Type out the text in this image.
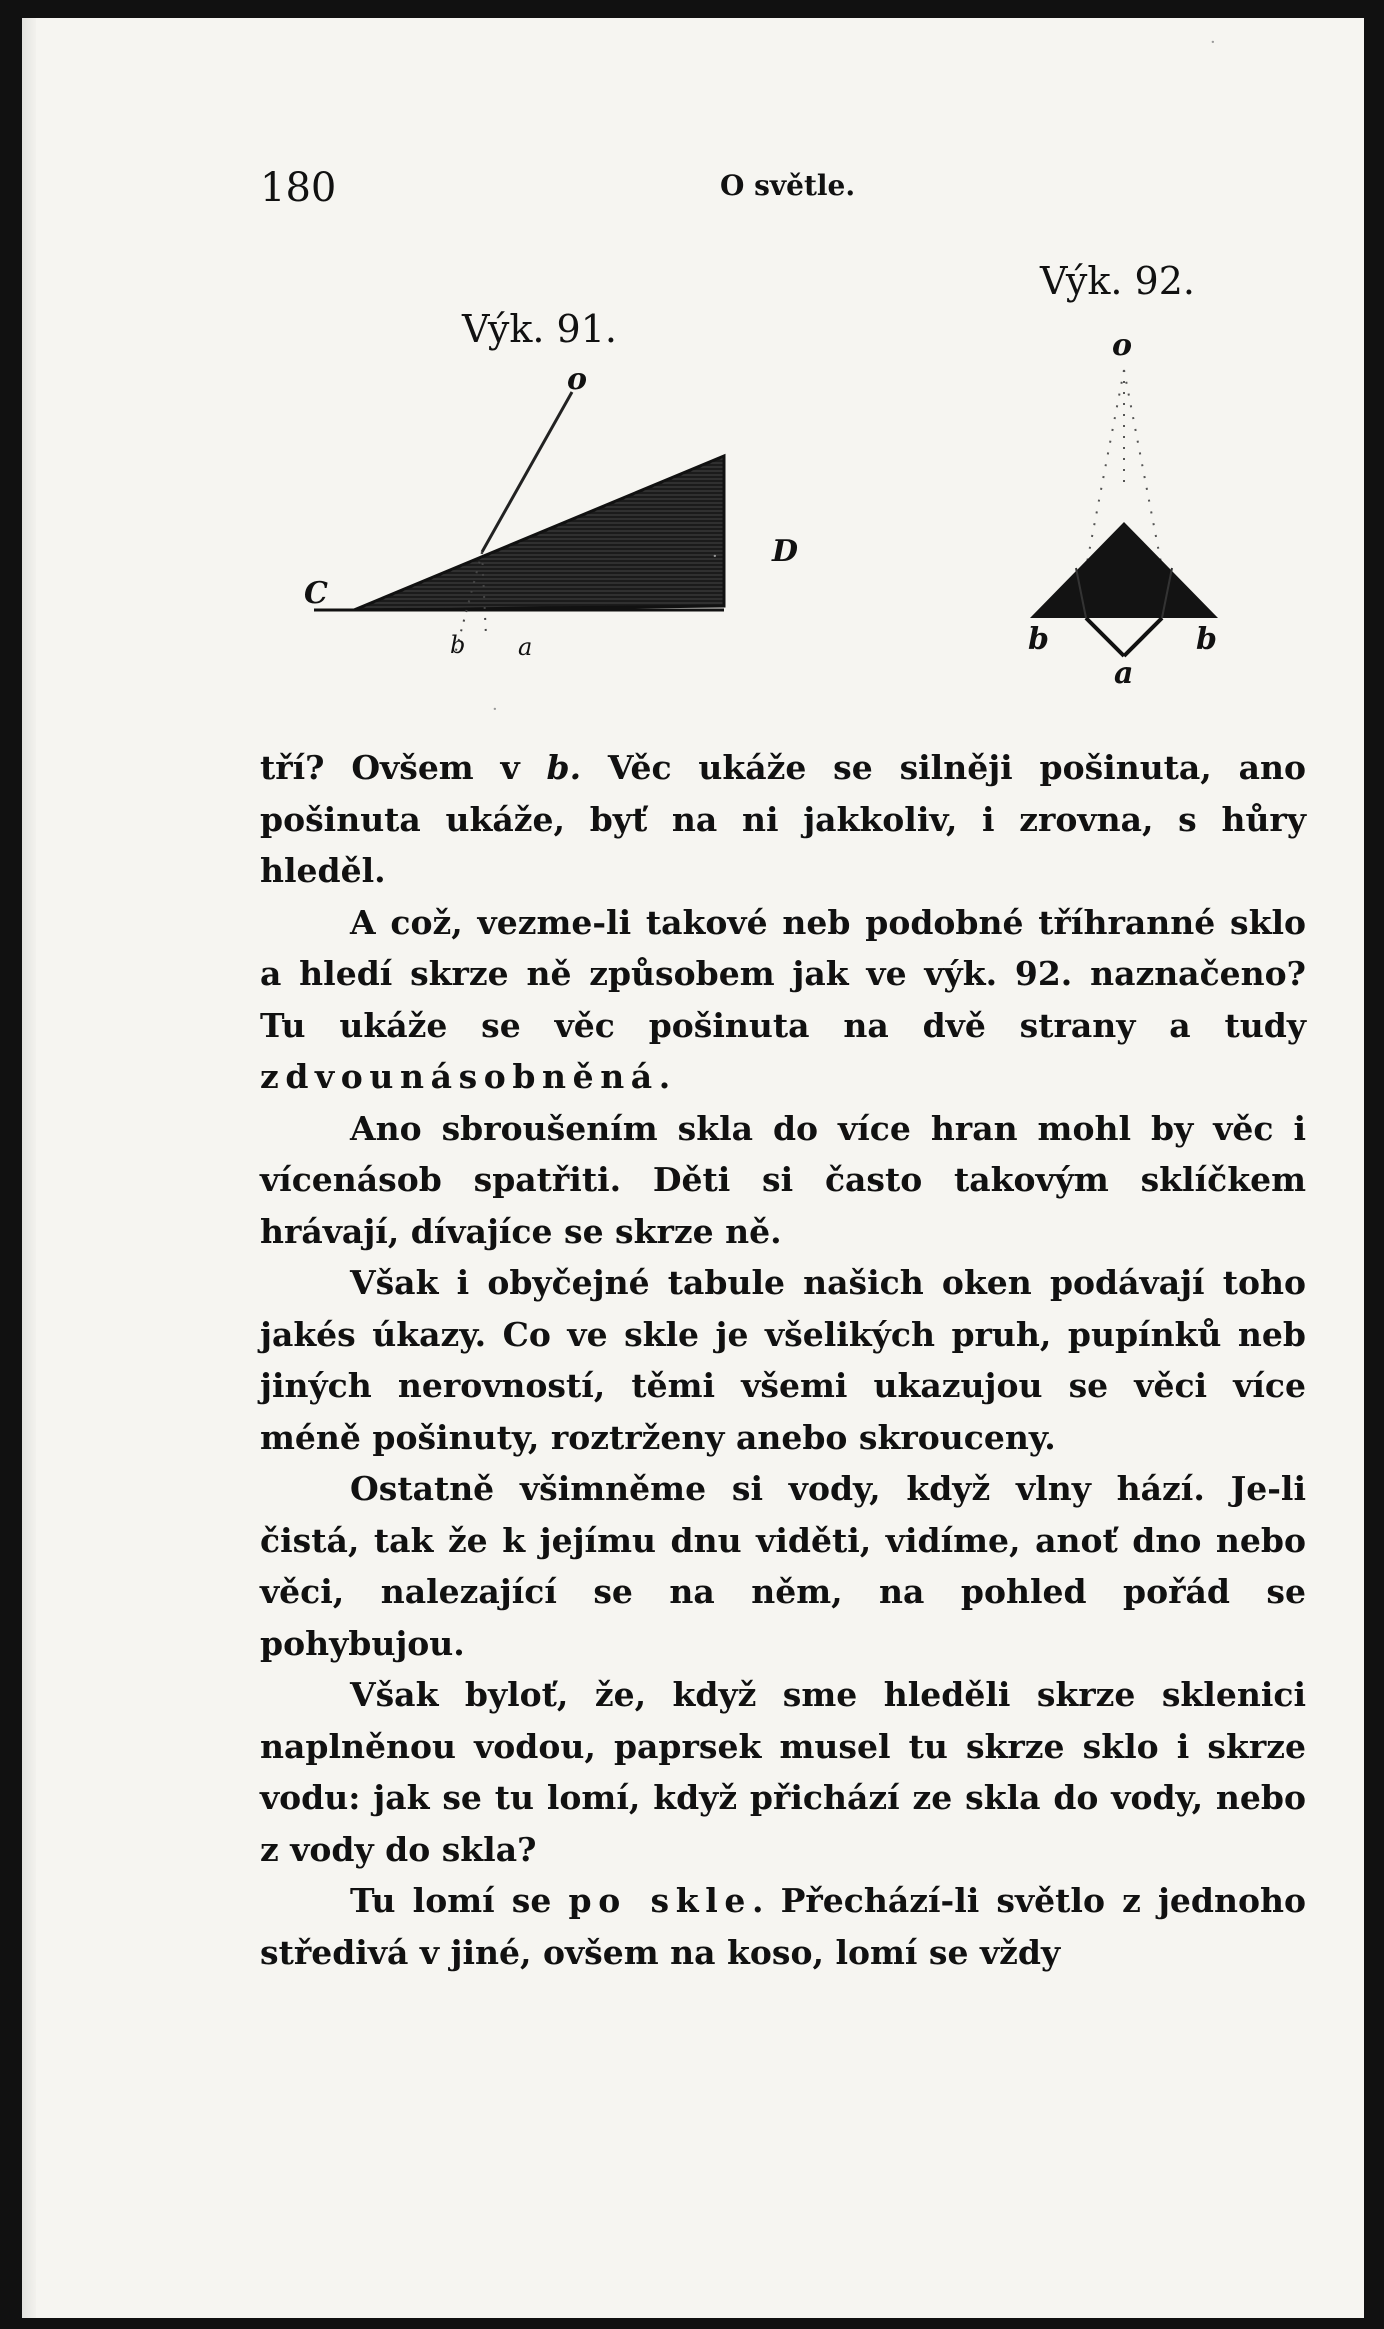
180	O světle.
Výk. 91.
o
C
D
b a
Výk. 92.
o
b	b
a

tří? Ovšem v b. Věc ukáže se silněji pošinuta, ano pošinuta ukáže, byť na ni jakkoliv, i zrovna, s hůry hleděl.

A což, vezme-li takové neb podobné tříhranné sklo a hledí skrze ně způsobem jak ve výk. 92. naznačeno? Tu ukáže se věc pošinuta na dvě strany a tudy zdvounásobněná.

Ano sbroušením skla do více hran mohl by věc i vícenásob spatřiti. Děti si často takovým sklíčkem hrávají, dívajíce se skrze ně.

Však i obyčejné tabule našich oken podávají toho jakés úkazy. Co ve skle je všelikých pruh, pupínků neb jiných nerovností, těmi všemi ukazujou se věci více méně pošinuty, roztrženy anebo skrouceny.

Ostatně všimněme si vody, když vlny hází. Je-li čistá, tak že k jejímu dnu viděti, vidíme, anoť dno nebo věci, nalezající se na něm, na pohled pořád se pohybujou.

Však byloť, že, když sme hleděli skrze sklenici naplněnou vodou, paprsek musel tu skrze sklo i skrze vodu: jak se tu lomí, když přichází ze skla do vody, nebo z vody do skla?

Tu lomí se po skle. Přechází-li světlo z jednoho středivá v jiné, ovšem na koso, lomí se vždy

·
·
·
